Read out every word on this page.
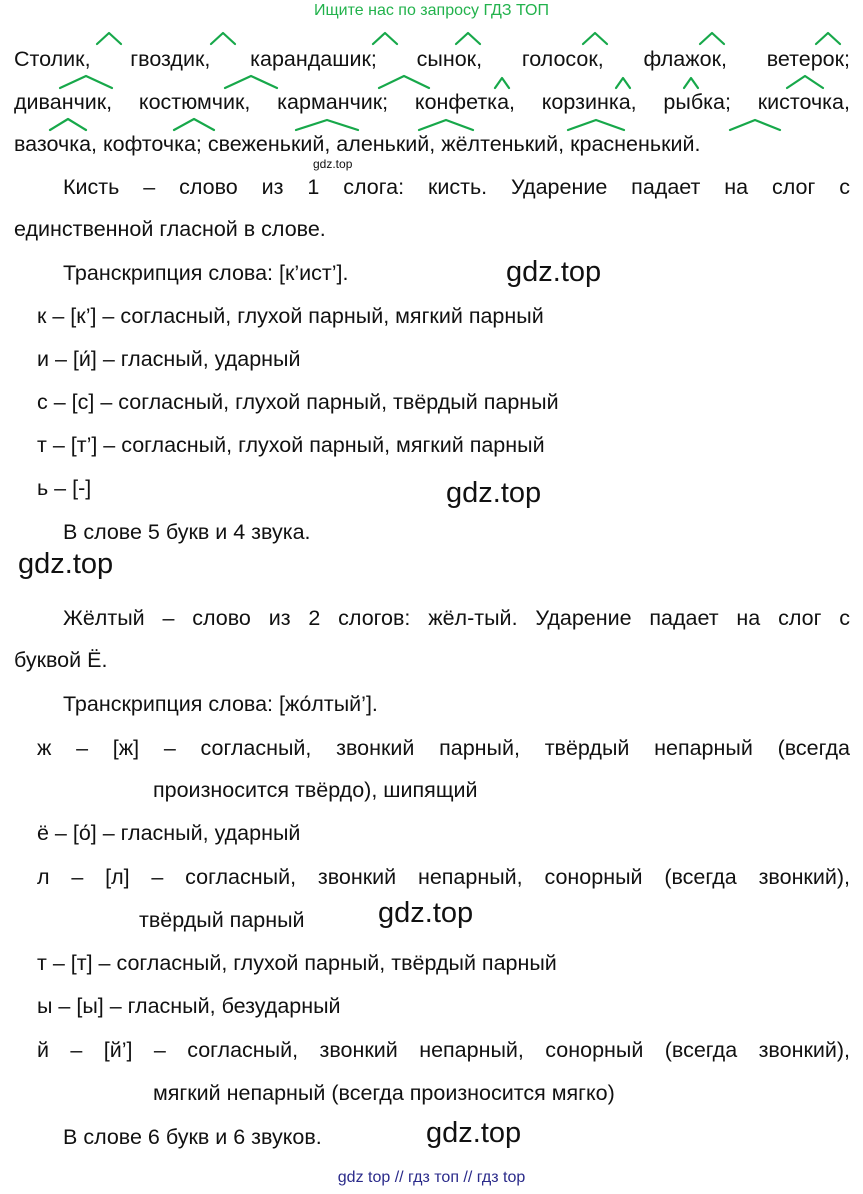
Ищите нас по запросу ГДЗ ТОП
Столик, гвоздик, карандашик; сынок, голосок, флажок, ветерок;
диванчик, костюмчик, карманчик; конфетка, корзинка, рыбка; кисточка,
вазочка, кофточка; свеженький, аленький, жёлтенький, красненький.
gdz.top
Кисть – слово из 1 слога: кисть. Ударение падает на слог с
единственной гласной в слове.
Транскрипция слова: [к’ист’].	gdz.top
к – [к’] – согласный, глухой парный, мягкий парный
и – [и́] – гласный, ударный
с – [с] – согласный, глухой парный, твёрдый парный
т – [т’] – согласный, глухой парный, мягкий парный
ь – [-]	gdz.top
В слове 5 букв и 4 звука.
gdz.top
Жёлтый – слово из 2 слогов: жёл-тый. Ударение падает на слог с
буквой Ё.
Транскрипция слова: [жо́лтый’].
ж – [ж] – согласный, звонкий парный, твёрдый непарный (всегда
произносится твёрдо), шипящий
ё – [о́] – гласный, ударный
л – [л] – согласный, звонкий непарный, сонорный (всегда звонкий),
твёрдый парный	gdz.top
т – [т] – согласный, глухой парный, твёрдый парный
ы – [ы] – гласный, безударный
й – [й’] – согласный, звонкий непарный, сонорный (всегда звонкий),
мягкий непарный (всегда произносится мягко)
В слове 6 букв и 6 звуков.	gdz.top
gdz top // гдз топ // гдз top
